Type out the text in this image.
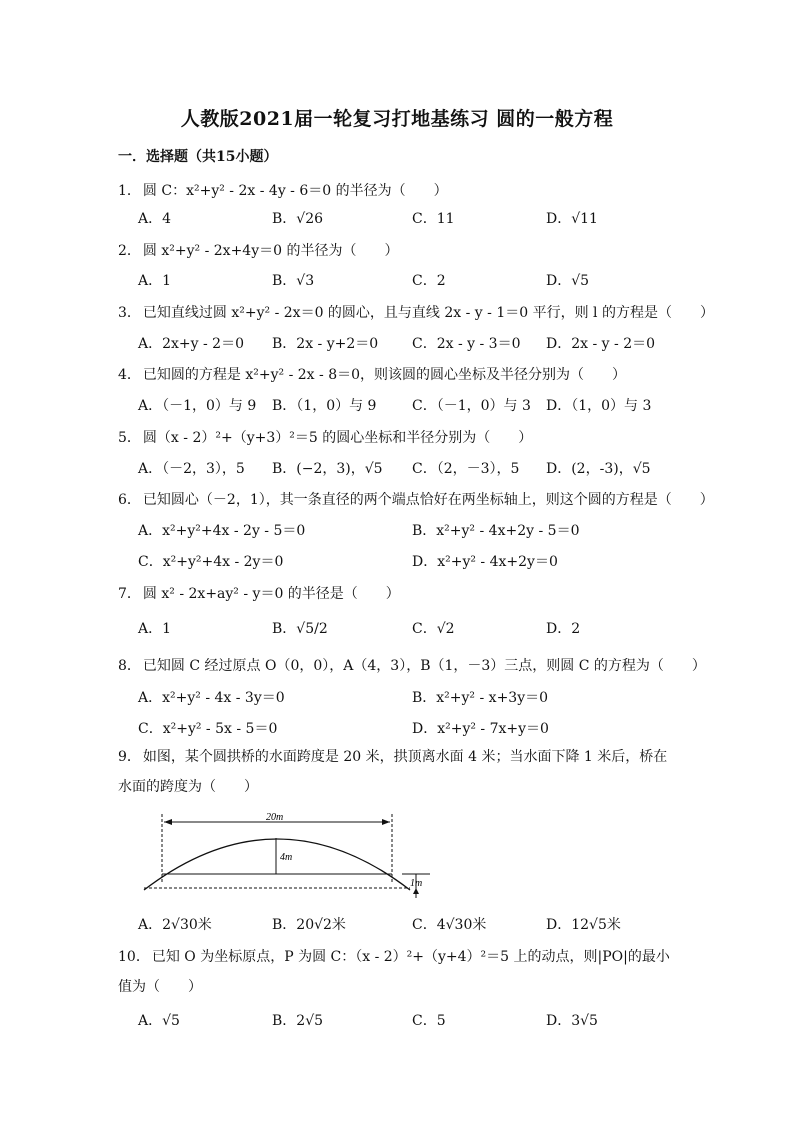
人教版2021届一轮复习打地基练习 圆的一般方程
一．选择题（共15小题）
1． 圆 C：x²+y² - 2x - 4y - 6＝0 的半径为（　　）
A．4	B．√26	C．11	D．√11
2． 圆 x²+y² - 2x+4y＝0 的半径为（　　）
A．1	B．√3	C．2	D．√5
3． 已知直线过圆 x²+y² - 2x＝0 的圆心，且与直线 2x - y - 1＝0 平行，则 l 的方程是（　　）
A．2x+y - 2＝0 B．2x - y+2＝0 C．2x - y - 3＝0 D．2x - y - 2＝0
4． 已知圆的方程是 x²+y² - 2x - 8＝0，则该圆的圆心坐标及半径分别为（　　）
A．（－1，0）与 9 B．（1，0）与 9	C．（－1，0）与 3 D．（1，0）与 3
5． 圆（x - 2）²+（y+3）²＝5 的圆心坐标和半径分别为（　　）
A．（－2，3），5 B．(−2，3)，√5 C．（2，－3），5 D．(2，-3)，√5
6． 已知圆心（－2，1），其一条直径的两个端点恰好在两坐标轴上，则这个圆的方程是（　　）
A．x²+y²+4x - 2y - 5＝0	B．x²+y² - 4x+2y - 5＝0
C．x²+y²+4x - 2y＝0	D．x²+y² - 4x+2y＝0
7． 圆 x² - 2x+ay² - y＝0 的半径是（　　）
A．1	B．√5/2	C．√2	D．2
8． 已知圆 C 经过原点 O（0，0），A（4，3），B（1，－3）三点，则圆 C 的方程为（　　）
A．x²+y² - 4x - 3y＝0	B．x²+y² - x+3y＝0
C．x²+y² - 5x - 5＝0	D．x²+y² - 7x+y＝0
9． 如图，某个圆拱桥的水面跨度是 20 米，拱顶离水面 4 米；当水面下降 1 米后，桥在水面的跨度为（　　）
20m
4m
1m
A．2√30米	B．20√2米	C．4√30米	D．12√5米
10． 已知 O 为坐标原点，P 为圆 C：（x - 2）²+（y+4）²＝5 上的动点，则|PO|的最小值为（　　）
A．√5	B．2√5	C．5	D．3√5
